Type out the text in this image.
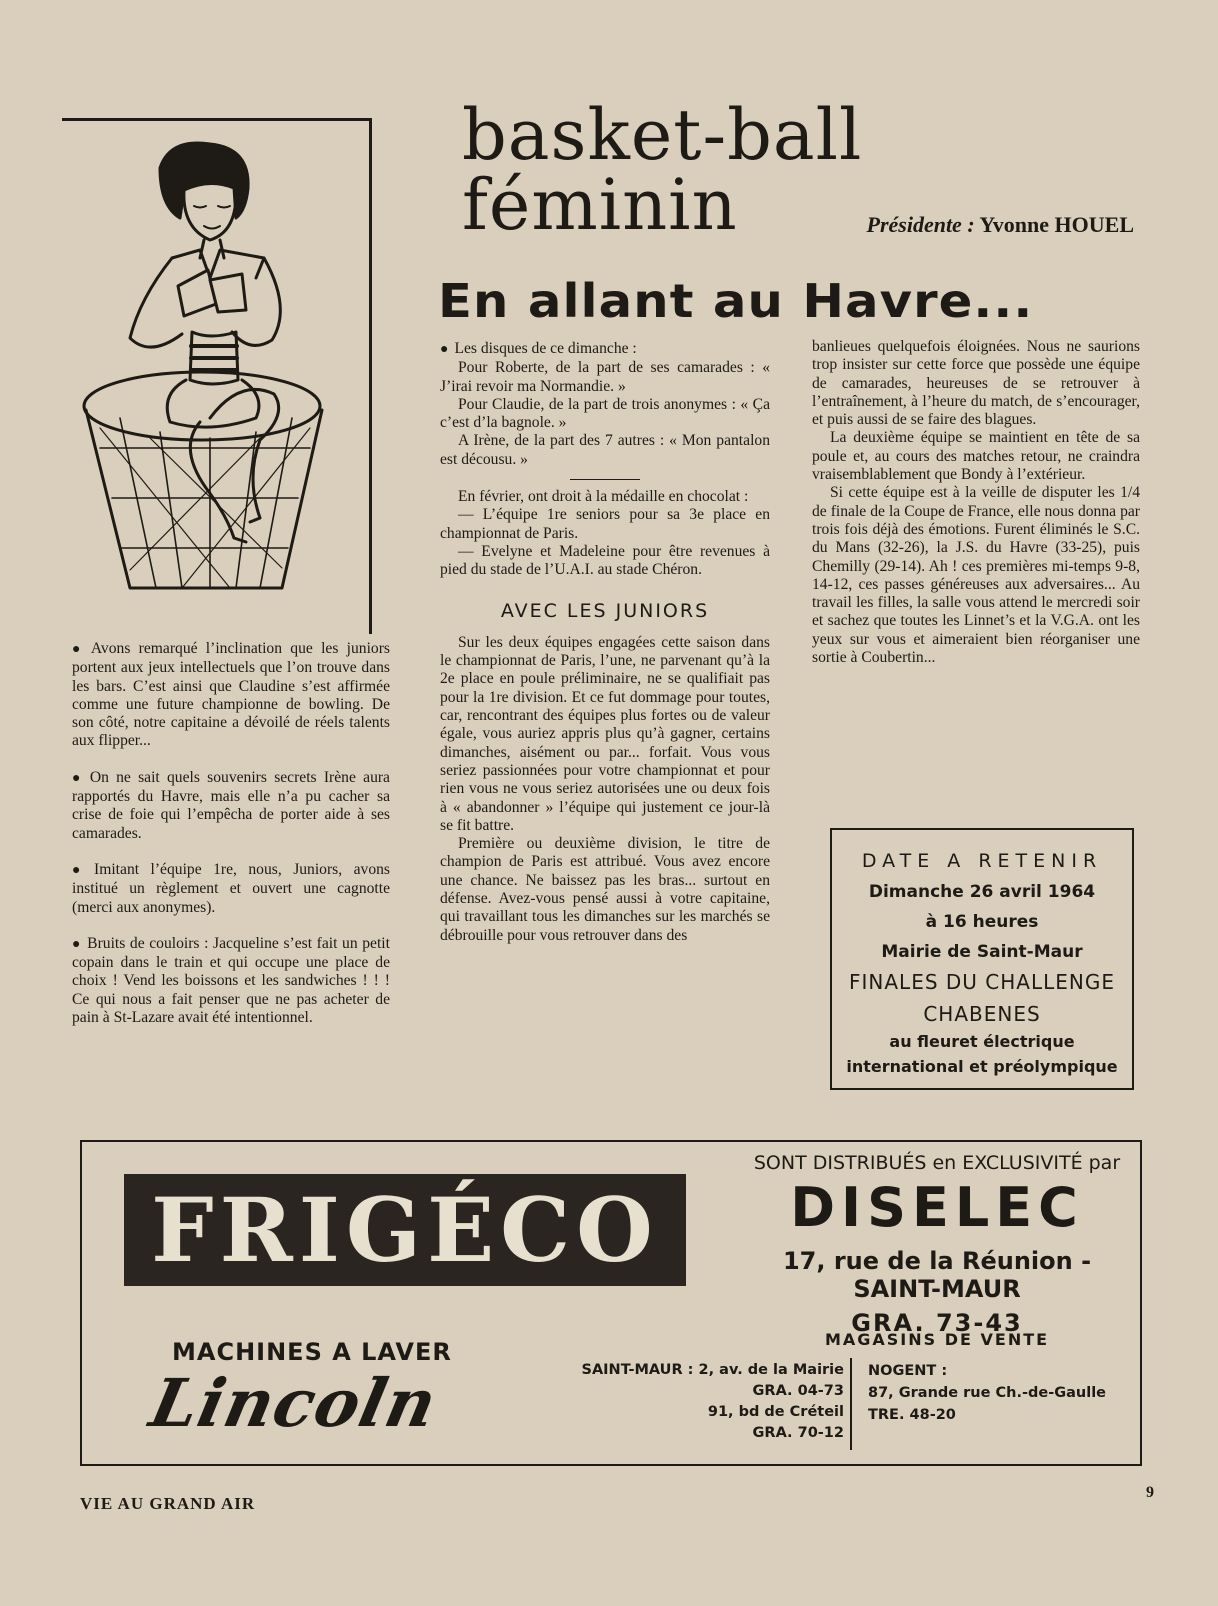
basket-ball féminin	Présidente : Yvonne HOUEL
En allant au Havre...

● Avons remarqué l’inclination que les juniors portent aux jeux intellectuels que l’on trouve dans les bars. C’est ainsi que Claudine s’est affirmée comme une future championne de bowling. De son côté, notre capitaine a dévoilé de réels talents aux flipper...

● On ne sait quels souvenirs secrets Irène aura rapportés du Havre, mais elle n’a pu cacher sa crise de foie qui l’empêcha de porter aide à ses camarades.

● Imitant l’équipe 1re, nous, Juniors, avons institué un règlement et ouvert une cagnotte (merci aux anonymes).

● Bruits de couloirs : Jacqueline s’est fait un petit copain dans le train et qui occupe une place de choix ! Vend les boissons et les sandwiches ! ! ! Ce qui nous a fait penser que ne pas acheter de pain à St-Lazare avait été intentionnel.

● Les disques de ce dimanche :

Pour Roberte, de la part de ses camarades : « J’irai revoir ma Normandie. »

Pour Claudie, de la part de trois anonymes : « Ça c’est d’la bagnole. »

A Irène, de la part des 7 autres : « Mon pantalon est décousu. »

En février, ont droit à la médaille en chocolat :

— L’équipe 1re seniors pour sa 3e place en championnat de Paris.

— Evelyne et Madeleine pour être revenues à pied du stade de l’U.A.I. au stade Chéron.

AVEC LES JUNIORS

Sur les deux équipes engagées cette saison dans le championnat de Paris, l’une, ne parvenant qu’à la 2e place en poule préliminaire, ne se qualifiait pas pour la 1re division. Et ce fut dommage pour toutes, car, rencontrant des équipes plus fortes ou de valeur égale, vous auriez appris plus qu’à gagner, certains dimanches, aisément ou par... forfait. Vous vous seriez passionnées pour votre championnat et pour rien vous ne vous seriez autorisées une ou deux fois à « abandonner » l’équipe qui justement ce jour-là se fit battre.

Première ou deuxième division, le titre de champion de Paris est attribué. Vous avez encore une chance. Ne baissez pas les bras... surtout en défense. Avez-vous pensé aussi à votre capitaine, qui travaillant tous les dimanches sur les marchés se débrouille pour vous retrouver dans des

banlieues quelquefois éloignées. Nous ne saurions trop insister sur cette force que possède une équipe de camarades, heureuses de se retrouver à l’entraînement, à l’heure du match, de s’encourager, et puis aussi de se faire des blagues.

La deuxième équipe se maintient en tête de sa poule et, au cours des matches retour, ne craindra vraisemblablement que Bondy à l’extérieur.

Si cette équipe est à la veille de disputer les 1/4 de finale de la Coupe de France, elle nous donna par trois fois déjà des émotions. Furent éliminés le S.C. du Mans (32-26), la J.S. du Havre (33-25), puis Chemilly (29-14). Ah ! ces premières mi-temps 9-8, 14-12, ces passes généreuses aux adversaires... Au travail les filles, la salle vous attend le mercredi soir et sachez que toutes les Linnet’s et la V.G.A. ont les yeux sur vous et aimeraient bien réorganiser une sortie à Coubertin...

DATE A RETENIR
Dimanche 26 avril 1964
à 16 heures
Mairie de Saint-Maur
FINALES DU CHALLENGE
CHABENES
au fleuret électrique
international et préolympique
FRIGÉCO
SONT DISTRIBUÉS en EXCLUSIVITÉ par
DISELEC
17, rue de la Réunion - SAINT-MAUR
GRA. 73-43
MAGASINS DE VENTE
MACHINES A LAVER
Lincoln	SAINT-MAUR : 2, av. de la Mairie
GRA. 04-73
91, bd de Créteil
GRA. 70-12
NOGENT :
87, Grande rue Ch.-de-Gaulle
TRE. 48-20
VIE AU GRAND AIR
9
